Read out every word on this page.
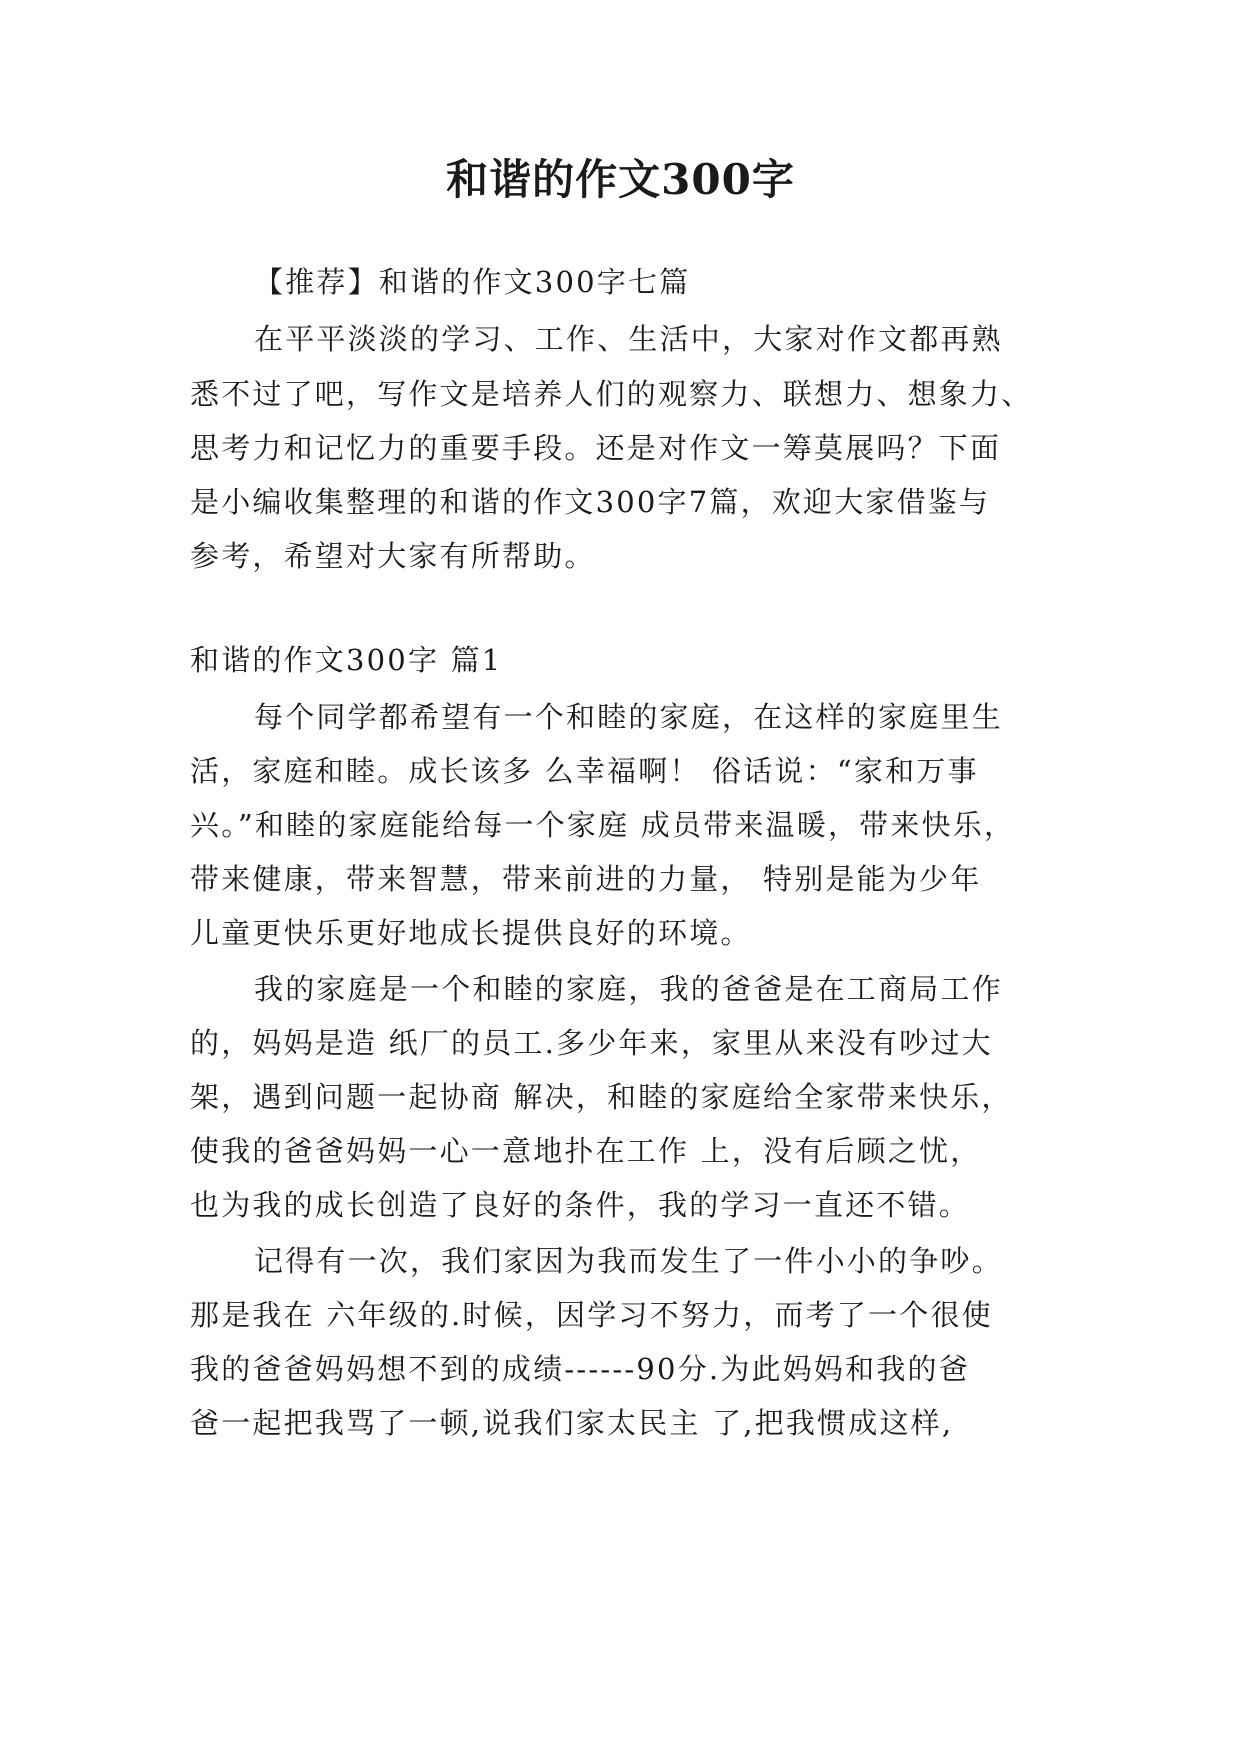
和谐的作文300字
【推荐】和谐的作文300字七篇
在平平淡淡的学习、工作、生活中，大家对作文都再熟
悉不过了吧，写作文是培养人们的观察力、联想力、想象力、
思考力和记忆力的重要手段。还是对作文一筹莫展吗？下面
是小编收集整理的和谐的作文300字7篇，欢迎大家借鉴与
参考，希望对大家有所帮助。
和谐的作文300字 篇1
每个同学都希望有一个和睦的家庭，在这样的家庭里生
活，家庭和睦。成长该多 么幸福啊！ 俗话说：“家和万事
兴。”和睦的家庭能给每一个家庭 成员带来温暖，带来快乐，
带来健康，带来智慧，带来前进的力量， 特别是能为少年
儿童更快乐更好地成长提供良好的环境。
我的家庭是一个和睦的家庭，我的爸爸是在工商局工作
的，妈妈是造 纸厂的员工.多少年来，家里从来没有吵过大
架，遇到问题一起协商 解决，和睦的家庭给全家带来快乐，
使我的爸爸妈妈一心一意地扑在工作 上，没有后顾之忧，
也为我的成长创造了良好的条件，我的学习一直还不错。
记得有一次，我们家因为我而发生了一件小小的争吵。
那是我在 六年级的.时候，因学习不努力，而考了一个很使
我的爸爸妈妈想不到的成绩------90分.为此妈妈和我的爸
爸一起把我骂了一顿,说我们家太民主 了,把我惯成这样,
